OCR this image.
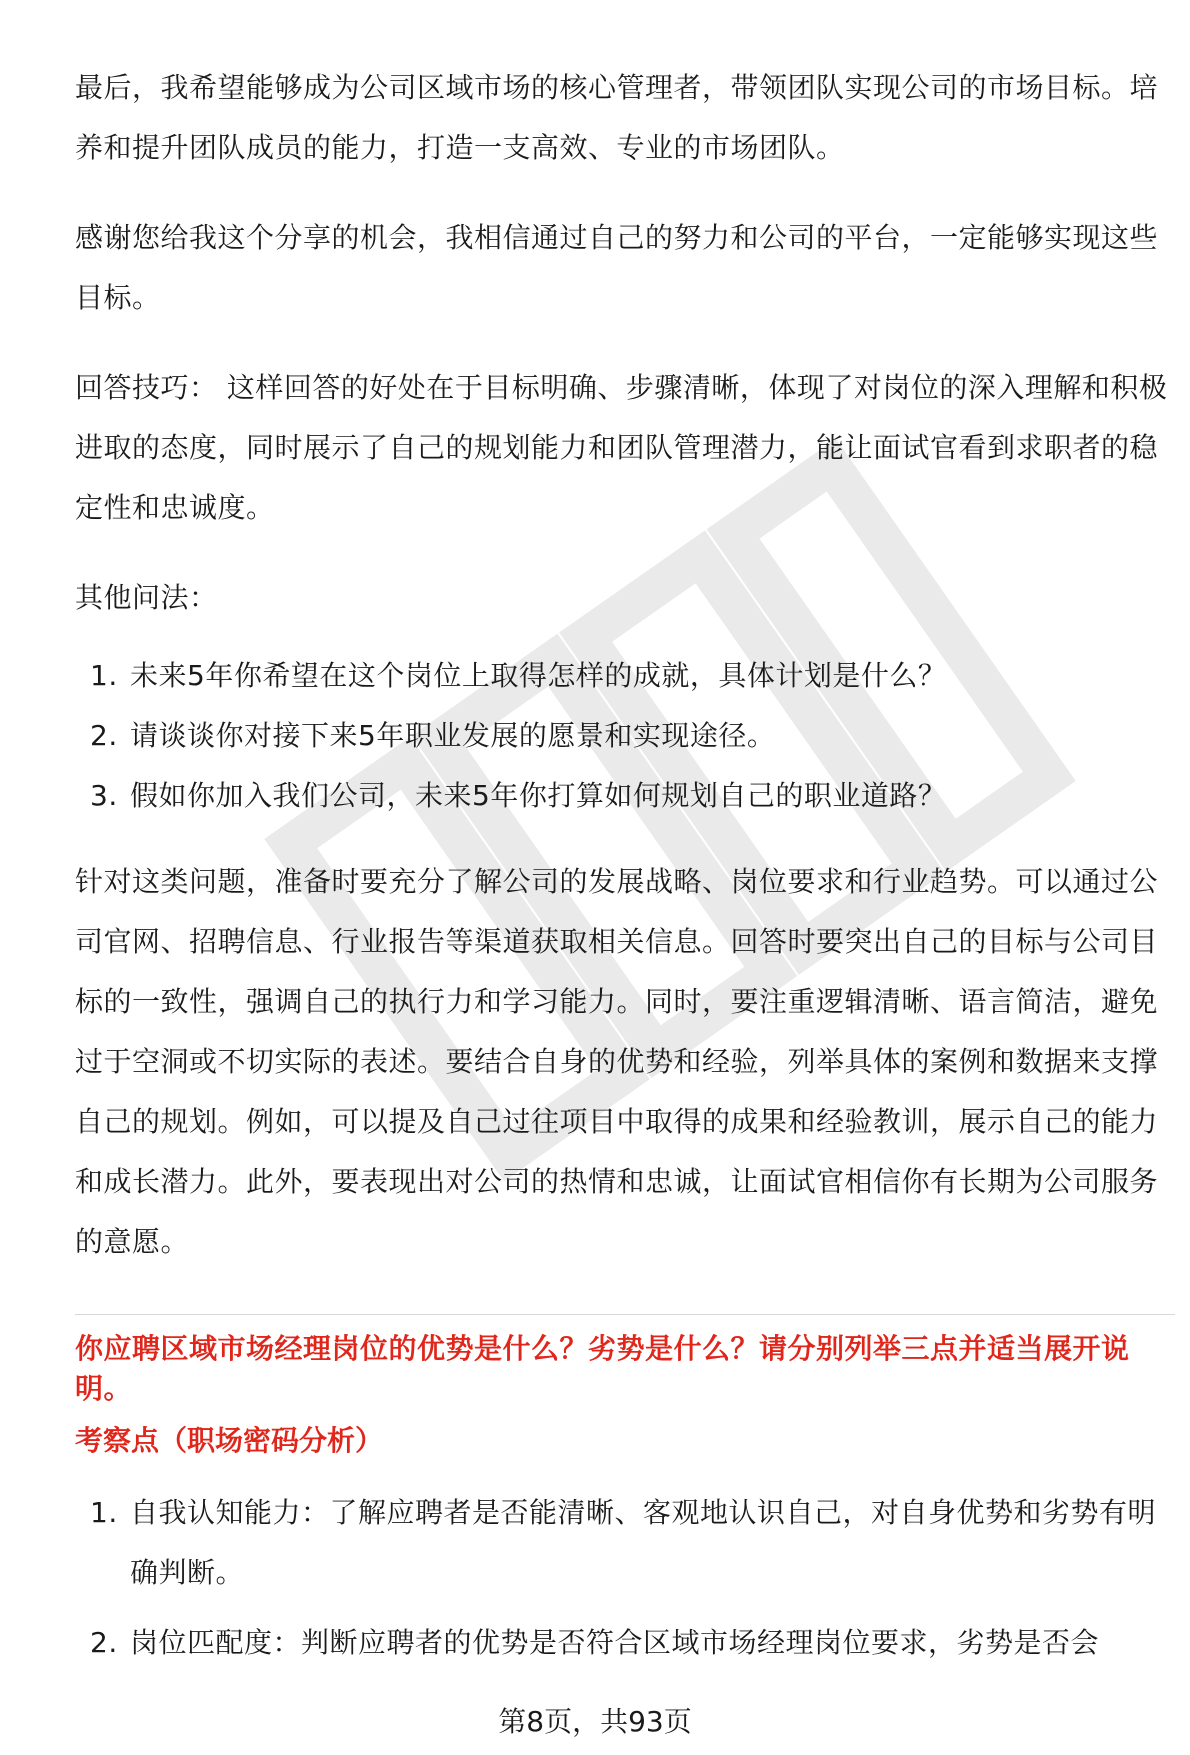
最后，我希望能够成为公司区域市场的核心管理者，带领团队实现公司的市场目标。培养和提升团队成员的能力，打造一支高效、专业的市场团队。

感谢您给我这个分享的机会，我相信通过自己的努力和公司的平台，一定能够实现这些目标。

回答技巧： 这样回答的好处在于目标明确、步骤清晰，体现了对岗位的深入理解和积极进取的态度，同时展示了自己的规划能力和团队管理潜力，能让面试官看到求职者的稳定性和忠诚度。

其他问法：

1. 未来5年你希望在这个岗位上取得怎样的成就，具体计划是什么？
2. 请谈谈你对接下来5年职业发展的愿景和实现途径。
3. 假如你加入我们公司，未来5年你打算如何规划自己的职业道路？

针对这类问题，准备时要充分了解公司的发展战略、岗位要求和行业趋势。可以通过公司官网、招聘信息、行业报告等渠道获取相关信息。回答时要突出自己的目标与公司目标的一致性，强调自己的执行力和学习能力。同时，要注重逻辑清晰、语言简洁，避免过于空洞或不切实际的表述。要结合自身的优势和经验，列举具体的案例和数据来支撑自己的规划。例如，可以提及自己过往项目中取得的成果和经验教训，展示自己的能力和成长潜力。此外，要表现出对公司的热情和忠诚，让面试官相信你有长期为公司服务的意愿。

你应聘区域市场经理岗位的优势是什么？劣势是什么？请分别列举三点并适当展开说明。

考察点（职场密码分析）

1. 自我认知能力：了解应聘者是否能清晰、客观地认识自己，对自身优势和劣势有明确判断。
2. 岗位匹配度：判断应聘者的优势是否符合区域市场经理岗位要求，劣势是否会
第8页，共93页
